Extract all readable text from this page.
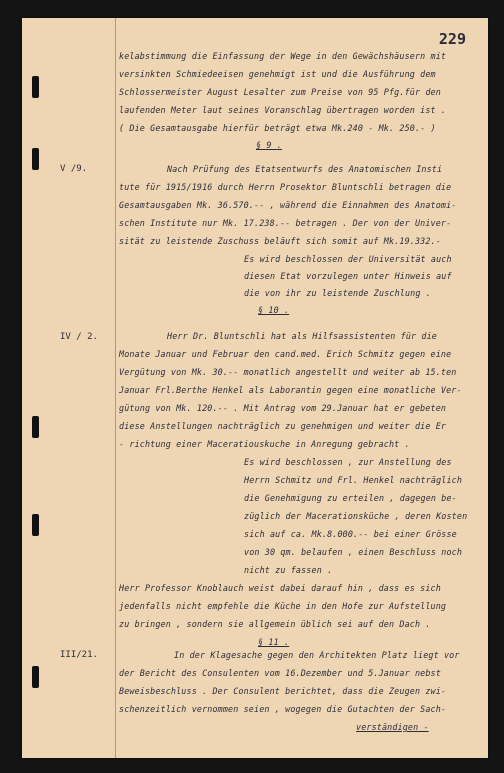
229
kelabstimmung die Einfassung der Wege in den Gewächshäusern mit
versinkten Schmiedeeisen genehmigt ist und die Ausführung dem
Schlossermeister August Lesalter zum Preise von 95 Pfg.für den
laufenden Meter laut seines Voranschlag übertragen worden ist .
( Die Gesamtausgabe hierfür beträgt etwa Mk.240 - Mk. 250.- )
§ 9 .
V /9.	Nach Prüfung des Etatsentwurfs des Anatomischen Insti
tute für 1915/1916 durch Herrn Prosektor Bluntschli betragen die
Gesamtausgaben Mk. 36.570.-- , während die Einnahmen des Anatomi-
schen Institute nur Mk. 17.238.-- betragen . Der von der Univer-
sität zu leistende Zuschuss beläuft sich somit auf Mk.19.332.-
Es wird beschlossen der Universität auch
diesen Etat vorzulegen unter Hinweis auf
die von ihr zu leistende Zuschlung .
§ 10 .
IV / 2.	Herr Dr. Bluntschli hat als Hilfsassistenten für die
Monate Januar und Februar den cand.med. Erich Schmitz gegen eine
Vergütung von Mk. 30.-- monatlich angestellt und weiter ab 15.ten
Januar Frl.Berthe Henkel als Laborantin gegen eine monatliche Ver-
gütung von Mk. 120.-- . Mit Antrag vom 29.Januar hat er gebeten
diese Anstellungen nachträglich zu genehmigen und weiter die Er
- richtung einer Maceratiouskuche in Anregung gebracht .
Es wird beschlossen , zur Anstellung des
Herrn Schmitz und Frl. Henkel nachträglich
die Genehmigung zu erteilen , dagegen be-
züglich der Macerationsküche , deren Kosten
sich auf ca. Mk.8.000.-- bei einer Grösse
von 30 qm. belaufen , einen Beschluss noch
nicht zu fassen .
Herr Professor Knoblauch weist dabei darauf hin , dass es sich
jedenfalls nicht empfehle die Küche in den Hofe zur Aufstellung
zu bringen , sondern sie allgemein üblich sei auf den Dach .
§ 11 .
III/21.	In der Klagesache gegen den Architekten Platz liegt vor
der Bericht des Consulenten vom 16.Dezember und 5.Januar nebst
Beweisbeschluss . Der Consulent berichtet, dass die Zeugen zwi-
schenzeitlich vernommen seien , wogegen die Gutachten der Sach-
verständigen -
